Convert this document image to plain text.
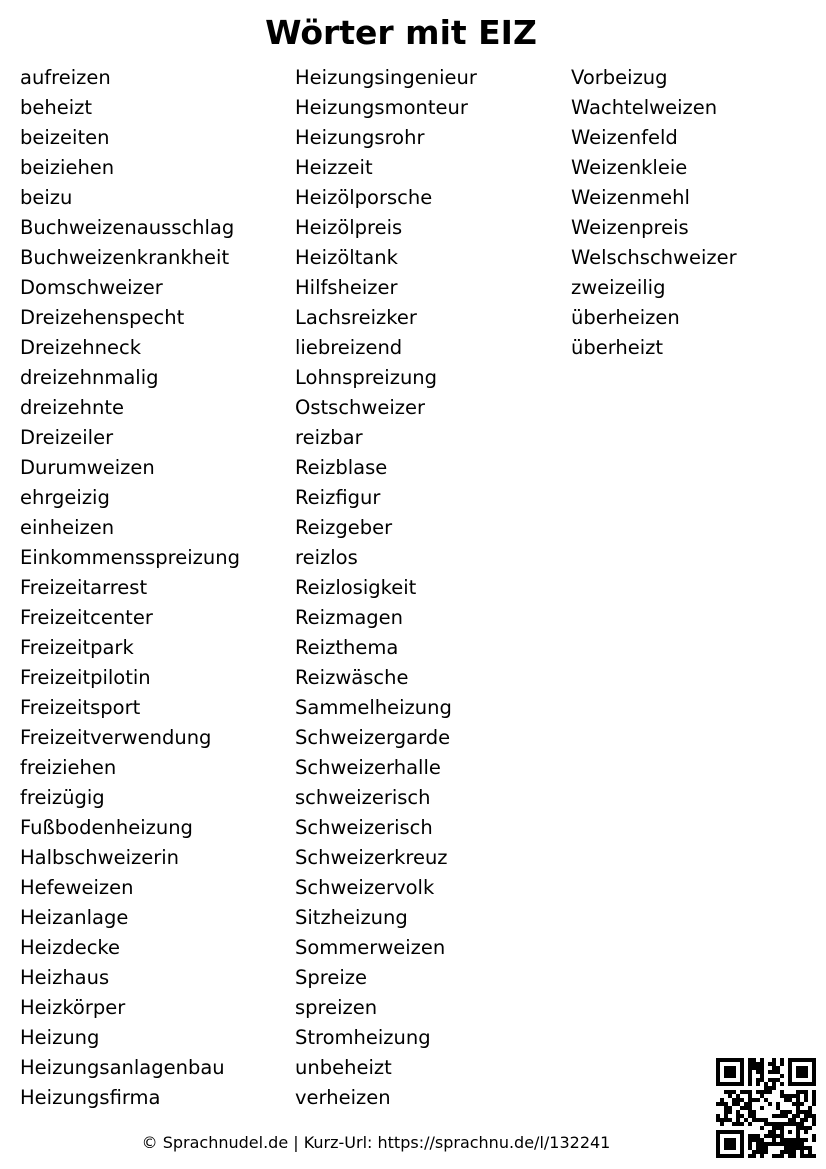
Wörter mit EIZ
aufreizen
beheizt
beizeiten
beiziehen
beizu
Buchweizenausschlag
Buchweizenkrankheit
Domschweizer
Dreizehenspecht
Dreizehneck
dreizehnmalig
dreizehnte
Dreizeiler
Durumweizen
ehrgeizig
einheizen
Einkommensspreizung
Freizeitarrest
Freizeitcenter
Freizeitpark
Freizeitpilotin
Freizeitsport
Freizeitverwendung
freiziehen
freizügig
Fußbodenheizung
Halbschweizerin
Hefeweizen
Heizanlage
Heizdecke
Heizhaus
Heizkörper
Heizung
Heizungsanlagenbau
Heizungsfirma
Heizungsingenieur
Heizungsmonteur
Heizungsrohr
Heizzeit
Heizölporsche
Heizölpreis
Heizöltank
Hilfsheizer
Lachsreizker
liebreizend
Lohnspreizung
Ostschweizer
reizbar
Reizblase
Reizfigur
Reizgeber
reizlos
Reizlosigkeit
Reizmagen
Reizthema
Reizwäsche
Sammelheizung
Schweizergarde
Schweizerhalle
schweizerisch
Schweizerisch
Schweizerkreuz
Schweizervolk
Sitzheizung
Sommerweizen
Spreize
spreizen
Stromheizung
unbeheizt
verheizen
Vorbeizug
Wachtelweizen
Weizenfeld
Weizenkleie
Weizenmehl
Weizenpreis
Welschschweizer
zweizeilig
überheizen
überheizt
© Sprachnudel.de | Kurz-Url: https://sprachnu.de/l/132241
